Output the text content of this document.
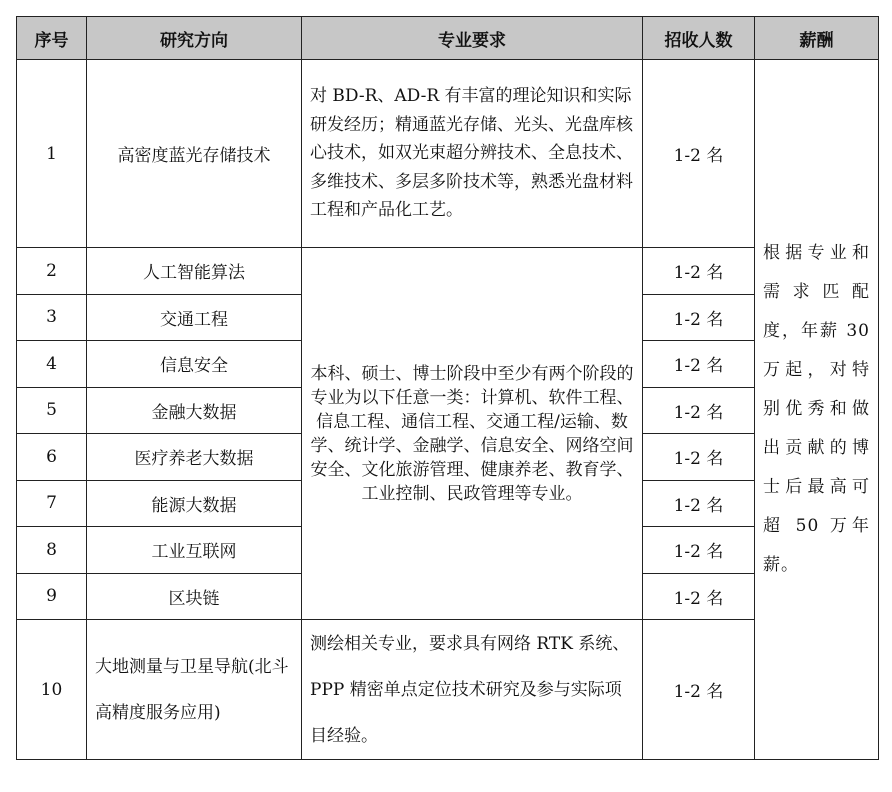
序号	研究方向	专业要求	招收人数	薪酬
1	高密度蓝光存储技术	对 BD-R、AD-R 有丰富的理论知识和实际研发经历；精通蓝光存储、光头、光盘库核心技术，如双光束超分辨技术、全息技术、多维技术、多层多阶技术等，熟悉光盘材料工程和产品化工艺。	1-2 名	根据专业和需求匹配度，年薪 30 万起，对特别优秀和做出贡献的博士后最高可超 50 万年薪。
2	人工智能算法	本科、硕士、博士阶段中至少有两个阶段的专业为以下任意一类：计算机、软件工程、信息工程、通信工程、交通工程/运输、数学、统计学、金融学、信息安全、网络空间安全、文化旅游管理、健康养老、教育学、工业控制、民政管理等专业。	1-2 名	
3	交通工程		1-2 名	
4	信息安全		1-2 名	
5	金融大数据		1-2 名	
6	医疗养老大数据		1-2 名	
7	能源大数据		1-2 名	
8	工业互联网		1-2 名	
9	区块链		1-2 名	
10	大地测量与卫星导航(北斗高精度服务应用)	测绘相关专业，要求具有网络 RTK 系统、PPP 精密单点定位技术研究及参与实际项目经验。	1-2 名	
